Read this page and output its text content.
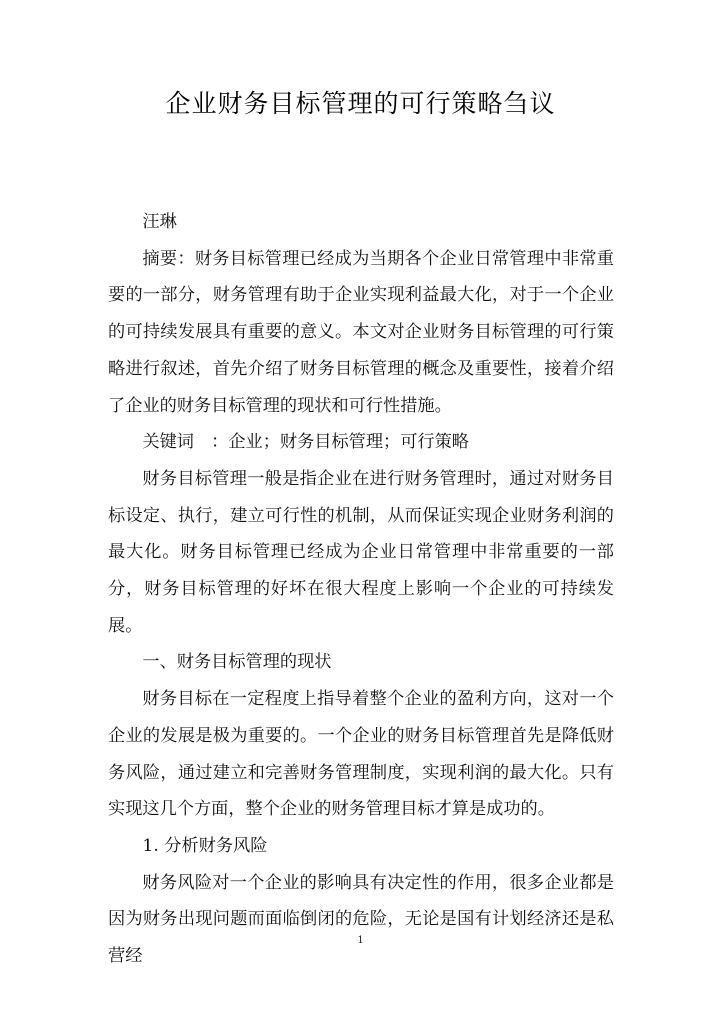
企业财务目标管理的可行策略刍议

汪琳

摘要：财务目标管理已经成为当期各个企业日常管理中非常重要的一部分，财务管理有助于企业实现利益最大化，对于一个企业的可持续发展具有重要的意义。本文对企业财务目标管理的可行策略进行叙述，首先介绍了财务目标管理的概念及重要性，接着介绍了企业的财务目标管理的现状和可行性措施。

关键词　：企业；财务目标管理；可行策略

财务目标管理一般是指企业在进行财务管理时，通过对财务目标设定、执行，建立可行性的机制，从而保证实现企业财务利润的最大化。财务目标管理已经成为企业日常管理中非常重要的一部分，财务目标管理的好坏在很大程度上影响一个企业的可持续发展。

一、财务目标管理的现状

财务目标在一定程度上指导着整个企业的盈利方向，这对一个企业的发展是极为重要的。一个企业的财务目标管理首先是降低财务风险，通过建立和完善财务管理制度，实现利润的最大化。只有实现这几个方面，整个企业的财务管理目标才算是成功的。

1. 分析财务风险

财务风险对一个企业的影响具有决定性的作用，很多企业都是因为财务出现问题而面临倒闭的危险，无论是国有计划经济还是私营经

1
